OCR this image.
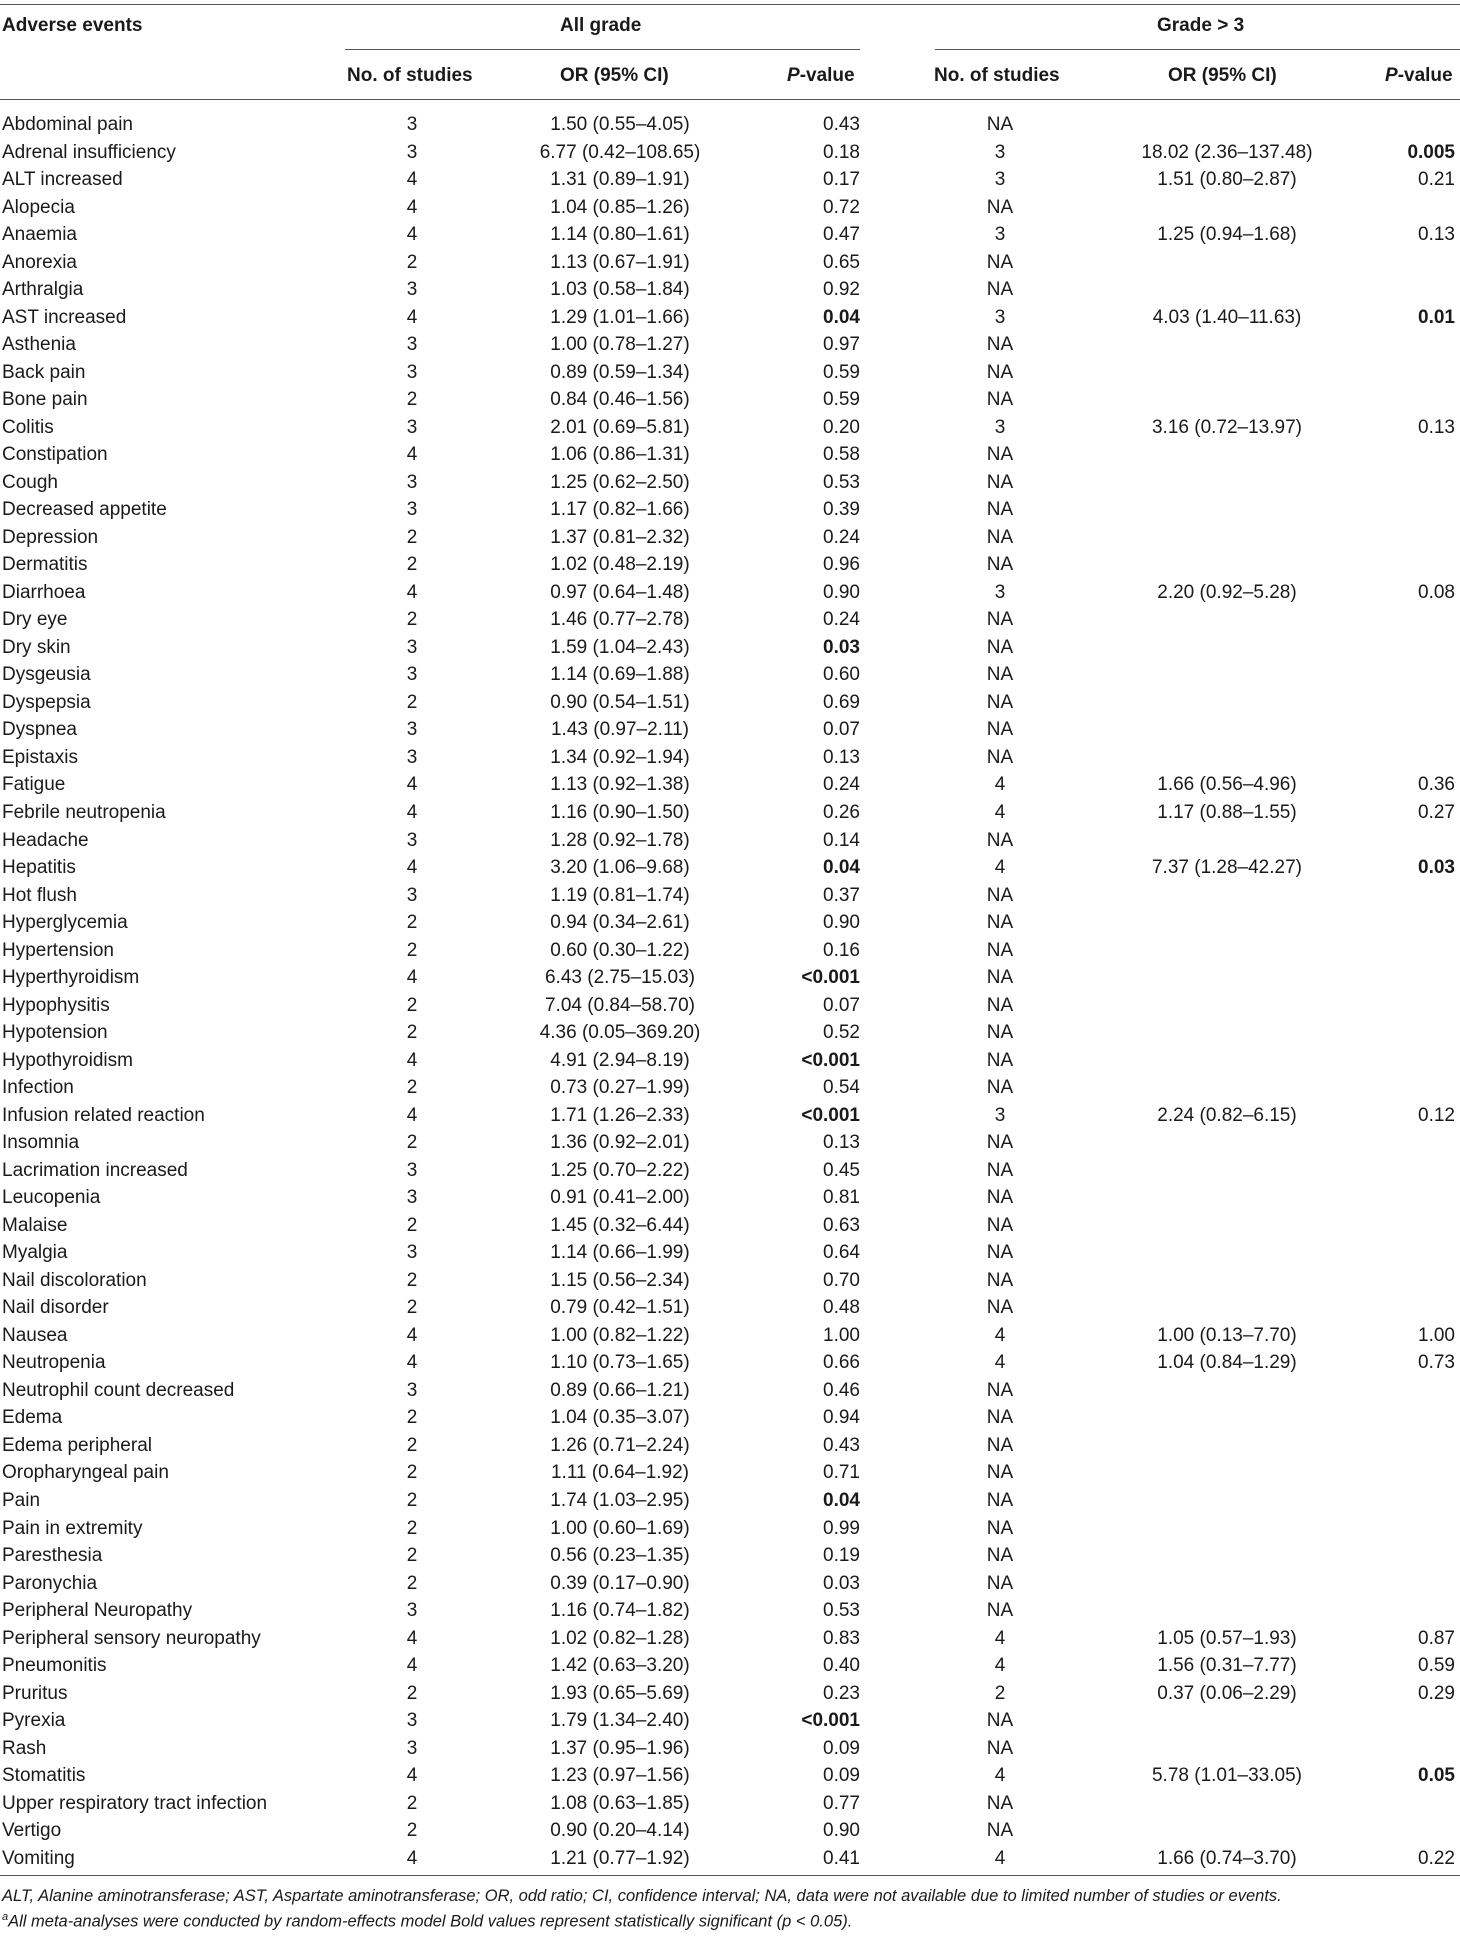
Adverse events	All grade	Grade > 3
No. of studies	OR (95% CI)	P-value	No. of studies	OR (95% CI)	P-value
Abdominal pain	3	1.50 (0.55–4.05)	0.43	NA
Adrenal insufficiency	3	6.77 (0.42–108.65)	0.18	3	18.02 (2.36–137.48)	0.005
ALT increased	4	1.31 (0.89–1.91)	0.17	3	1.51 (0.80–2.87)	0.21
Alopecia	4	1.04 (0.85–1.26)	0.72	NA
Anaemia	4	1.14 (0.80–1.61)	0.47	3	1.25 (0.94–1.68)	0.13
Anorexia	2	1.13 (0.67–1.91)	0.65	NA
Arthralgia	3	1.03 (0.58–1.84)	0.92	NA
AST increased	4	1.29 (1.01–1.66)	0.04	3	4.03 (1.40–11.63)	0.01
Asthenia	3	1.00 (0.78–1.27)	0.97	NA
Back pain	3	0.89 (0.59–1.34)	0.59	NA
Bone pain	2	0.84 (0.46–1.56)	0.59	NA
Colitis	3	2.01 (0.69–5.81)	0.20	3	3.16 (0.72–13.97)	0.13
Constipation	4	1.06 (0.86–1.31)	0.58	NA
Cough	3	1.25 (0.62–2.50)	0.53	NA
Decreased appetite	3	1.17 (0.82–1.66)	0.39	NA
Depression	2	1.37 (0.81–2.32)	0.24	NA
Dermatitis	2	1.02 (0.48–2.19)	0.96	NA
Diarrhoea	4	0.97 (0.64–1.48)	0.90	3	2.20 (0.92–5.28)	0.08
Dry eye	2	1.46 (0.77–2.78)	0.24	NA
Dry skin	3	1.59 (1.04–2.43)	0.03	NA
Dysgeusia	3	1.14 (0.69–1.88)	0.60	NA
Dyspepsia	2	0.90 (0.54–1.51)	0.69	NA
Dyspnea	3	1.43 (0.97–2.11)	0.07	NA
Epistaxis	3	1.34 (0.92–1.94)	0.13	NA
Fatigue	4	1.13 (0.92–1.38)	0.24	4	1.66 (0.56–4.96)	0.36
Febrile neutropenia	4	1.16 (0.90–1.50)	0.26	4	1.17 (0.88–1.55)	0.27
Headache	3	1.28 (0.92–1.78)	0.14	NA
Hepatitis	4	3.20 (1.06–9.68)	0.04	4	7.37 (1.28–42.27)	0.03
Hot flush	3	1.19 (0.81–1.74)	0.37	NA
Hyperglycemia	2	0.94 (0.34–2.61)	0.90	NA
Hypertension	2	0.60 (0.30–1.22)	0.16	NA
Hyperthyroidism	4	6.43 (2.75–15.03)	<0.001	NA
Hypophysitis	2	7.04 (0.84–58.70)	0.07	NA
Hypotension	2	4.36 (0.05–369.20)	0.52	NA
Hypothyroidism	4	4.91 (2.94–8.19)	<0.001	NA
Infection	2	0.73 (0.27–1.99)	0.54	NA
Infusion related reaction	4	1.71 (1.26–2.33)	<0.001	3	2.24 (0.82–6.15)	0.12
Insomnia	2	1.36 (0.92–2.01)	0.13	NA
Lacrimation increased	3	1.25 (0.70–2.22)	0.45	NA
Leucopenia	3	0.91 (0.41–2.00)	0.81	NA
Malaise	2	1.45 (0.32–6.44)	0.63	NA
Myalgia	3	1.14 (0.66–1.99)	0.64	NA
Nail discoloration	2	1.15 (0.56–2.34)	0.70	NA
Nail disorder	2	0.79 (0.42–1.51)	0.48	NA
Nausea	4	1.00 (0.82–1.22)	1.00	4	1.00 (0.13–7.70)	1.00
Neutropenia	4	1.10 (0.73–1.65)	0.66	4	1.04 (0.84–1.29)	0.73
Neutrophil count decreased	3	0.89 (0.66–1.21)	0.46	NA
Edema	2	1.04 (0.35–3.07)	0.94	NA
Edema peripheral	2	1.26 (0.71–2.24)	0.43	NA
Oropharyngeal pain	2	1.11 (0.64–1.92)	0.71	NA
Pain	2	1.74 (1.03–2.95)	0.04	NA
Pain in extremity	2	1.00 (0.60–1.69)	0.99	NA
Paresthesia	2	0.56 (0.23–1.35)	0.19	NA
Paronychia	2	0.39 (0.17–0.90)	0.03	NA
Peripheral Neuropathy	3	1.16 (0.74–1.82)	0.53	NA
Peripheral sensory neuropathy	4	1.02 (0.82–1.28)	0.83	4	1.05 (0.57–1.93)	0.87
Pneumonitis	4	1.42 (0.63–3.20)	0.40	4	1.56 (0.31–7.77)	0.59
Pruritus	2	1.93 (0.65–5.69)	0.23	2	0.37 (0.06–2.29)	0.29
Pyrexia	3	1.79 (1.34–2.40)	<0.001	NA
Rash	3	1.37 (0.95–1.96)	0.09	NA
Stomatitis	4	1.23 (0.97–1.56)	0.09	4	5.78 (1.01–33.05)	0.05
Upper respiratory tract infection	2	1.08 (0.63–1.85)	0.77	NA
Vertigo	2	0.90 (0.20–4.14)	0.90	NA
Vomiting	4	1.21 (0.77–1.92)	0.41	4	1.66 (0.74–3.70)	0.22
ALT, Alanine aminotransferase; AST, Aspartate aminotransferase; OR, odd ratio; CI, confidence interval; NA, data were not available due to limited number of studies or events.
$^a$All meta-analyses were conducted by random-effects model Bold values represent statistically significant (p < 0.05).
